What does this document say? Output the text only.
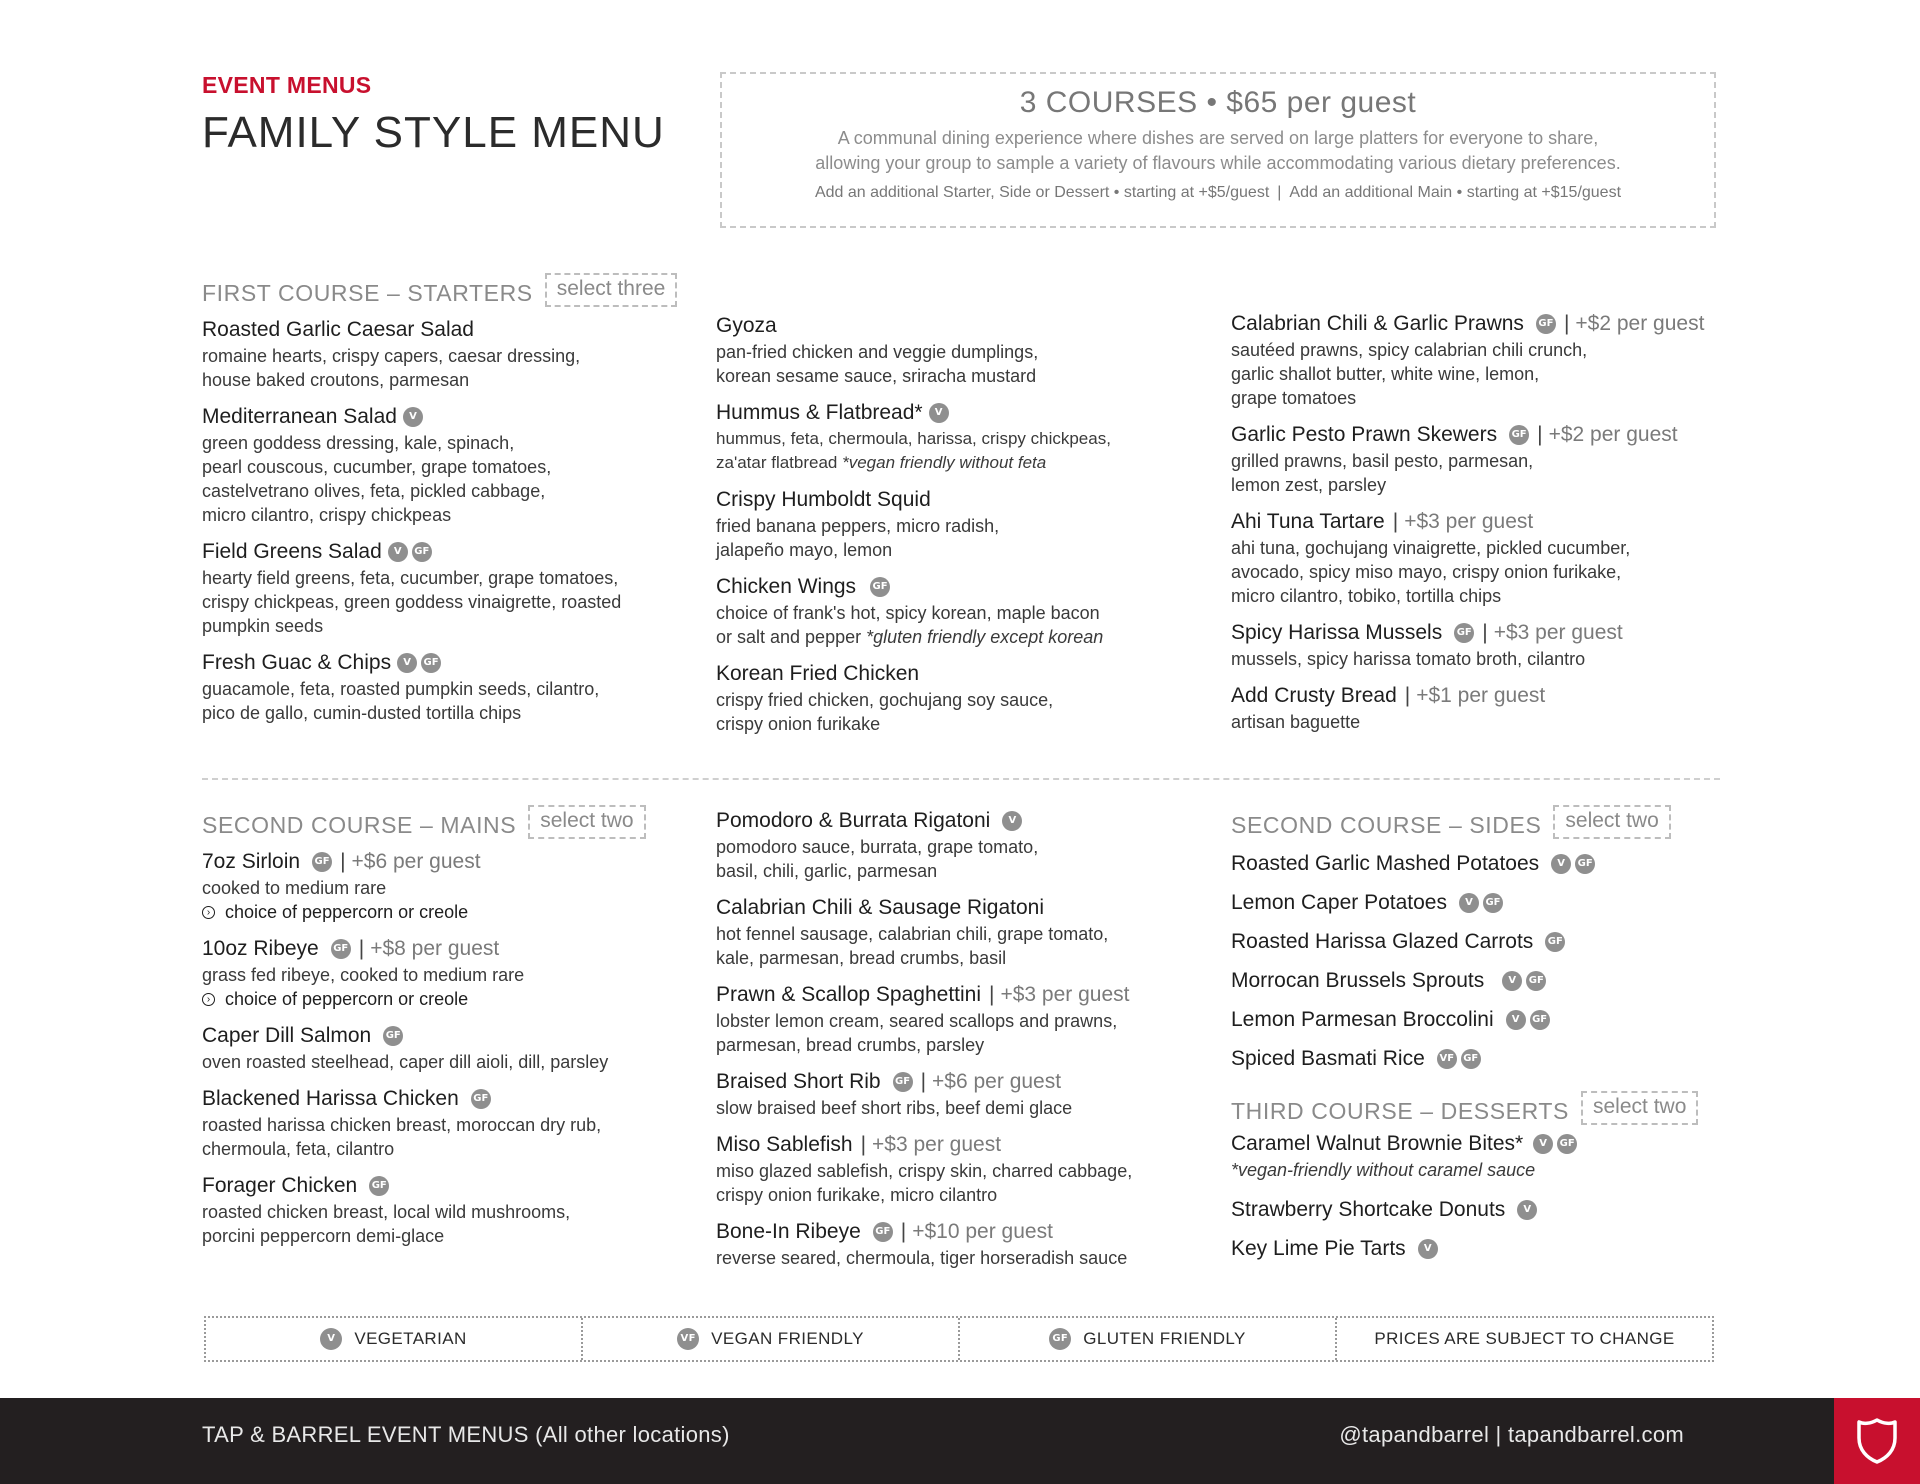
EVENT MENUS
FAMILY STYLE MENU
3 COURSES • $65 per guest
A communal dining experience where dishes are served on large platters for everyone to share,
allowing your group to sample a variety of flavours while accommodating various dietary preferences.
Add an additional Starter, Side or Dessert • starting at +$5/guest | Add an additional Main • starting at +$15/guest
FIRST COURSE – STARTERS	select three
Roasted Garlic Caesar Salad
romaine hearts, crispy capers, caesar dressing,
house baked croutons, parmesan
Mediterranean Salad	V
green goddess dressing, kale, spinach,
pearl couscous, cucumber, grape tomatoes,
castelvetrano olives, feta, pickled cabbage,
micro cilantro, crispy chickpeas
Field Greens Salad	V	GF
hearty field greens, feta, cucumber, grape tomatoes,
crispy chickpeas, green goddess vinaigrette, roasted
pumpkin seeds
Fresh Guac & Chips	V	GF
guacamole, feta, roasted pumpkin seeds, cilantro,
pico de gallo, cumin-dusted tortilla chips
Gyoza
pan-fried chicken and veggie dumplings,
korean sesame sauce, sriracha mustard
Hummus & Flatbread*	V
hummus, feta, chermoula, harissa, crispy chickpeas,
za'atar flatbread *vegan friendly without feta
Crispy Humboldt Squid
fried banana peppers, micro radish,
jalapeño mayo, lemon
Chicken Wings GF
choice of frank's hot, spicy korean, maple bacon
or salt and pepper *gluten friendly except korean
Korean Fried Chicken
crispy fried chicken, gochujang soy sauce,
crispy onion furikake
Calabrian Chili & Garlic Prawns GF | +$2 per guest
sautéed prawns, spicy calabrian chili crunch,
garlic shallot butter, white wine, lemon,
grape tomatoes
Garlic Pesto Prawn Skewers GF | +$2 per guest
grilled prawns, basil pesto, parmesan,
lemon zest, parsley
Ahi Tuna Tartare | +$3 per guest
ahi tuna, gochujang vinaigrette, pickled cucumber,
avocado, spicy miso mayo, crispy onion furikake,
micro cilantro, tobiko, tortilla chips
Spicy Harissa Mussels GF | +$3 per guest
mussels, spicy harissa tomato broth, cilantro
Add Crusty Bread | +$1 per guest
artisan baguette
SECOND COURSE – MAINS	select two
7oz Sirloin GF | +$6 per guest
cooked to medium rare
› choice of peppercorn or creole
10oz Ribeye GF | +$8 per guest
grass fed ribeye, cooked to medium rare
› choice of peppercorn or creole
Caper Dill Salmon GF
oven roasted steelhead, caper dill aioli, dill, parsley
Blackened Harissa Chicken GF
roasted harissa chicken breast, moroccan dry rub,
chermoula, feta, cilantro
Forager Chicken GF
roasted chicken breast, local wild mushrooms,
porcini peppercorn demi-glace
Pomodoro & Burrata Rigatoni	V
pomodoro sauce, burrata, grape tomato,
basil, chili, garlic, parmesan
Calabrian Chili & Sausage Rigatoni
hot fennel sausage, calabrian chili, grape tomato,
kale, parmesan, bread crumbs, basil
Prawn & Scallop Spaghettini | +$3 per guest
lobster lemon cream, seared scallops and prawns,
parmesan, bread crumbs, parsley
Braised Short Rib GF | +$6 per guest
slow braised beef short ribs, beef demi glace
Miso Sablefish | +$3 per guest
miso glazed sablefish, crispy skin, charred cabbage,
crispy onion furikake, micro cilantro
Bone-In Ribeye GF | +$10 per guest
reverse seared, chermoula, tiger horseradish sauce
SECOND COURSE – SIDES	select two
Roasted Garlic Mashed Potatoes	V	GF
Lemon Caper Potatoes	V	GF
Roasted Harissa Glazed Carrots GF
Morrocan Brussels Sprouts	V	GF
Lemon Parmesan Broccolini	V	GF
Spiced Basmati Rice VF GF
THIRD COURSE – DESSERTS	select two
Caramel Walnut Brownie Bites*	V	GF
*vegan-friendly without caramel sauce
Strawberry Shortcake Donuts	V
Key Lime Pie Tarts	V
V	VEGETARIAN	VF VEGAN FRIENDLY	GF GLUTEN FRIENDLY	PRICES ARE SUBJECT TO CHANGE
TAP & BARREL EVENT MENUS (All other locations)	@tapandbarrel | tapandbarrel.com
